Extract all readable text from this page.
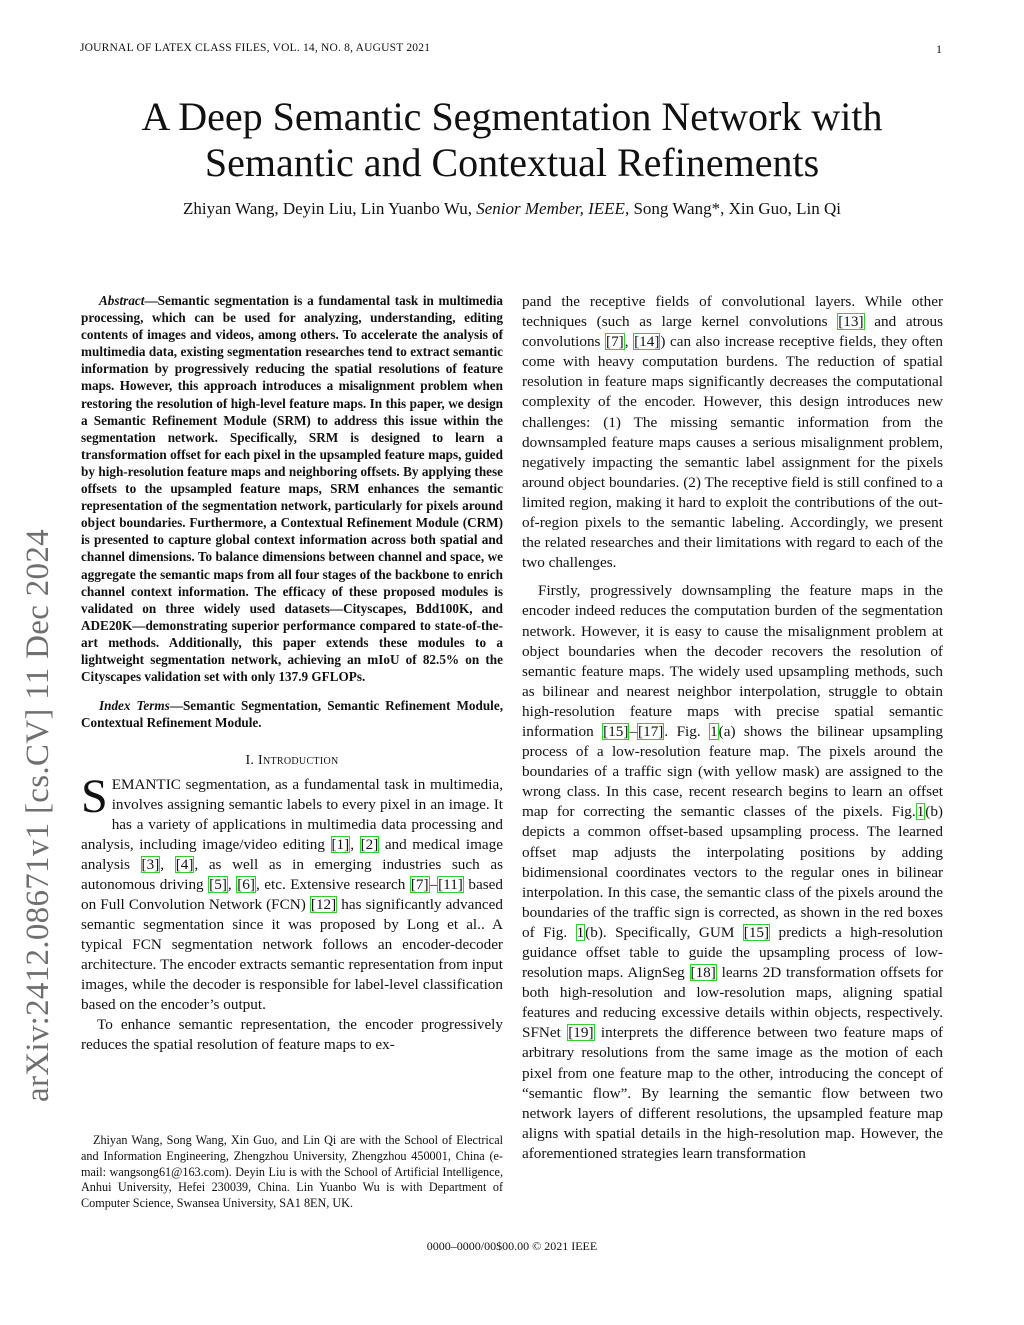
JOURNAL OF LATEX CLASS FILES, VOL. 14, NO. 8, AUGUST 2021	1
A Deep Semantic Segmentation Network with
Semantic and Contextual Refinements
Zhiyan Wang, Deyin Liu, Lin Yuanbo Wu, Senior Member, IEEE, Song Wang*, Xin Guo, Lin Qi
arXiv:2412.08671v1 [cs.CV] 11 Dec 2024

Abstract—Semantic segmentation is a fundamental task in multimedia processing, which can be used for analyzing, understanding, editing contents of images and videos, among others. To accelerate the analysis of multimedia data, existing segmentation researches tend to extract semantic information by progressively reducing the spatial resolutions of feature maps. However, this approach introduces a misalignment problem when restoring the resolution of high-level feature maps. In this paper, we design a Semantic Refinement Module (SRM) to address this issue within the segmentation network. Specifically, SRM is designed to learn a transformation offset for each pixel in the upsampled feature maps, guided by high-resolution feature maps and neighboring offsets. By applying these offsets to the upsampled feature maps, SRM enhances the semantic representation of the segmentation network, particularly for pixels around object boundaries. Furthermore, a Contextual Refinement Module (CRM) is presented to capture global context information across both spatial and channel dimensions. To balance dimensions between channel and space, we aggregate the semantic maps from all four stages of the backbone to enrich channel context information. The efficacy of these proposed modules is validated on three widely used datasets—Cityscapes, Bdd100K, and ADE20K—demonstrating superior performance compared to state-of-the-art methods. Additionally, this paper extends these modules to a lightweight segmentation network, achieving an mIoU of 82.5% on the Cityscapes validation set with only 137.9 GFLOPs.

Index Terms—Semantic Segmentation, Semantic Refinement Module, Contextual Refinement Module.

I. Introduction

SEMANTIC segmentation, as a fundamental task in multimedia, involves assigning semantic labels to every pixel in an image. It has a variety of applications in multimedia data processing and analysis, including image/video editing [1], [2] and medical image analysis [3], [4], as well as in emerging industries such as autonomous driving [5], [6], etc. Extensive research [7]–[11] based on Full Convolution Network (FCN) [12] has significantly advanced semantic segmentation since it was proposed by Long et al.. A typical FCN segmentation network follows an encoder-decoder architecture. The encoder extracts semantic representation from input images, while the decoder is responsible for label-level classification based on the encoder’s output.

To enhance semantic representation, the encoder progressively reduces the spatial resolution of feature maps to ex-

Zhiyan Wang, Song Wang, Xin Guo, and Lin Qi are with the School of Electrical and Information Engineering, Zhengzhou University, Zhengzhou 450001, China (e-mail: wangsong61@163.com). Deyin Liu is with the School of Artificial Intelligence, Anhui University, Hefei 230039, China. Lin Yuanbo Wu is with Department of Computer Science, Swansea University, SA1 8EN, UK.

pand the receptive fields of convolutional layers. While other techniques (such as large kernel convolutions [13] and atrous convolutions [7], [14]) can also increase receptive fields, they often come with heavy computation burdens. The reduction of spatial resolution in feature maps significantly decreases the computational complexity of the encoder. However, this design introduces new challenges: (1) The missing semantic information from the downsampled feature maps causes a serious misalignment problem, negatively impacting the semantic label assignment for the pixels around object boundaries. (2) The receptive field is still confined to a limited region, making it hard to exploit the contributions of the out-of-region pixels to the semantic labeling. Accordingly, we present the related researches and their limitations with regard to each of the two challenges.

Firstly, progressively downsampling the feature maps in the encoder indeed reduces the computation burden of the segmentation network. However, it is easy to cause the misalignment problem at object boundaries when the decoder recovers the resolution of semantic feature maps. The widely used upsampling methods, such as bilinear and nearest neighbor interpolation, struggle to obtain high-resolution feature maps with precise spatial semantic information [15]–[17]. Fig. 1(a) shows the bilinear upsampling process of a low-resolution feature map. The pixels around the boundaries of a traffic sign (with yellow mask) are assigned to the wrong class. In this case, recent research begins to learn an offset map for correcting the semantic classes of the pixels. Fig.1(b) depicts a common offset-based upsampling process. The learned offset map adjusts the interpolating positions by adding bidimensional coordinates vectors to the regular ones in bilinear interpolation. In this case, the semantic class of the pixels around the boundaries of the traffic sign is corrected, as shown in the red boxes of Fig. 1(b). Specifically, GUM [15] predicts a high-resolution guidance offset table to guide the upsampling process of low-resolution maps. AlignSeg [18] learns 2D transformation offsets for both high-resolution and low-resolution maps, aligning spatial features and reducing excessive details within objects, respectively. SFNet [19] interprets the difference between two feature maps of arbitrary resolutions from the same image as the motion of each pixel from one feature map to the other, introducing the concept of “semantic flow”. By learning the semantic flow between two network layers of different resolutions, the upsampled feature map aligns with spatial details in the high-resolution map. However, the aforementioned strategies learn transformation

0000–0000/00$00.00 © 2021 IEEE
